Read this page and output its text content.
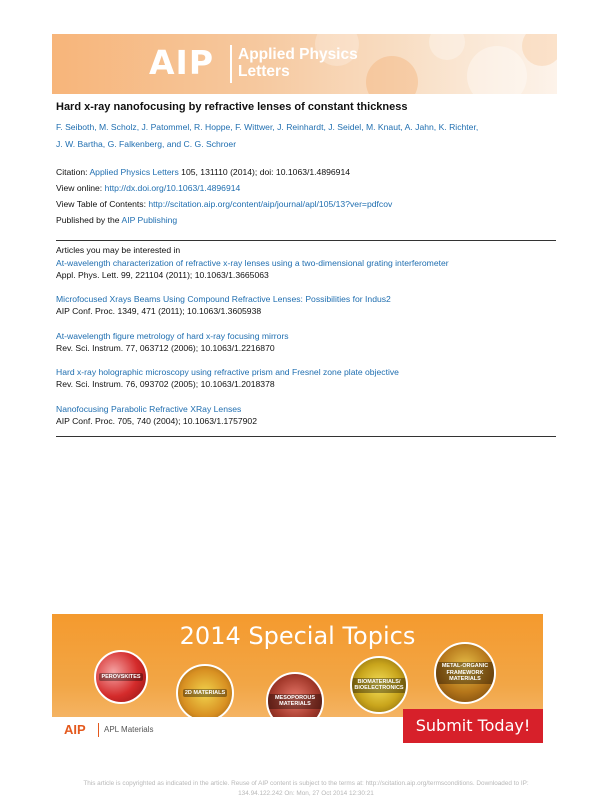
AIP Applied Physics
Letters
Hard x-ray nanofocusing by refractive lenses of constant thickness
F. Seiboth, M. Scholz, J. Patommel, R. Hoppe, F. Wittwer, J. Reinhardt, J. Seidel, M. Knaut, A. Jahn, K. Richter,
J. W. Bartha, G. Falkenberg, and C. G. Schroer
Citation: Applied Physics Letters 105, 131110 (2014); doi: 10.1063/1.4896914
View online: http://dx.doi.org/10.1063/1.4896914
View Table of Contents: http://scitation.aip.org/content/aip/journal/apl/105/13?ver=pdfcov
Published by the AIP Publishing
Articles you may be interested in
At-wavelength characterization of refractive x-ray lenses using a two-dimensional grating interferometer
Appl. Phys. Lett. 99, 221104 (2011); 10.1063/1.3665063
Microfocused Xrays Beams Using Compound Refractive Lenses: Possibilities for Indus2
AIP Conf. Proc. 1349, 471 (2011); 10.1063/1.3605938
At-wavelength figure metrology of hard x-ray focusing mirrors
Rev. Sci. Instrum. 77, 063712 (2006); 10.1063/1.2216870
Hard x-ray holographic microscopy using refractive prism and Fresnel zone plate objective
Rev. Sci. Instrum. 76, 093702 (2005); 10.1063/1.2018378
Nanofocusing Parabolic Refractive XRay Lenses
AIP Conf. Proc. 705, 740 (2004); 10.1063/1.1757902
2014 Special Topics
PEROVSKITES
2D MATERIALS
MESOPOROUS MATERIALS
BIOMATERIALS/ BIOELECTRONICS
METAL-ORGANIC FRAMEWORK MATERIALS
AIP APL Materials	Submit Today!
This article is copyrighted as indicated in the article. Reuse of AIP content is subject to the terms at: http://scitation.aip.org/termsconditions. Downloaded to IP:
134.94.122.242 On: Mon, 27 Oct 2014 12:30:21
